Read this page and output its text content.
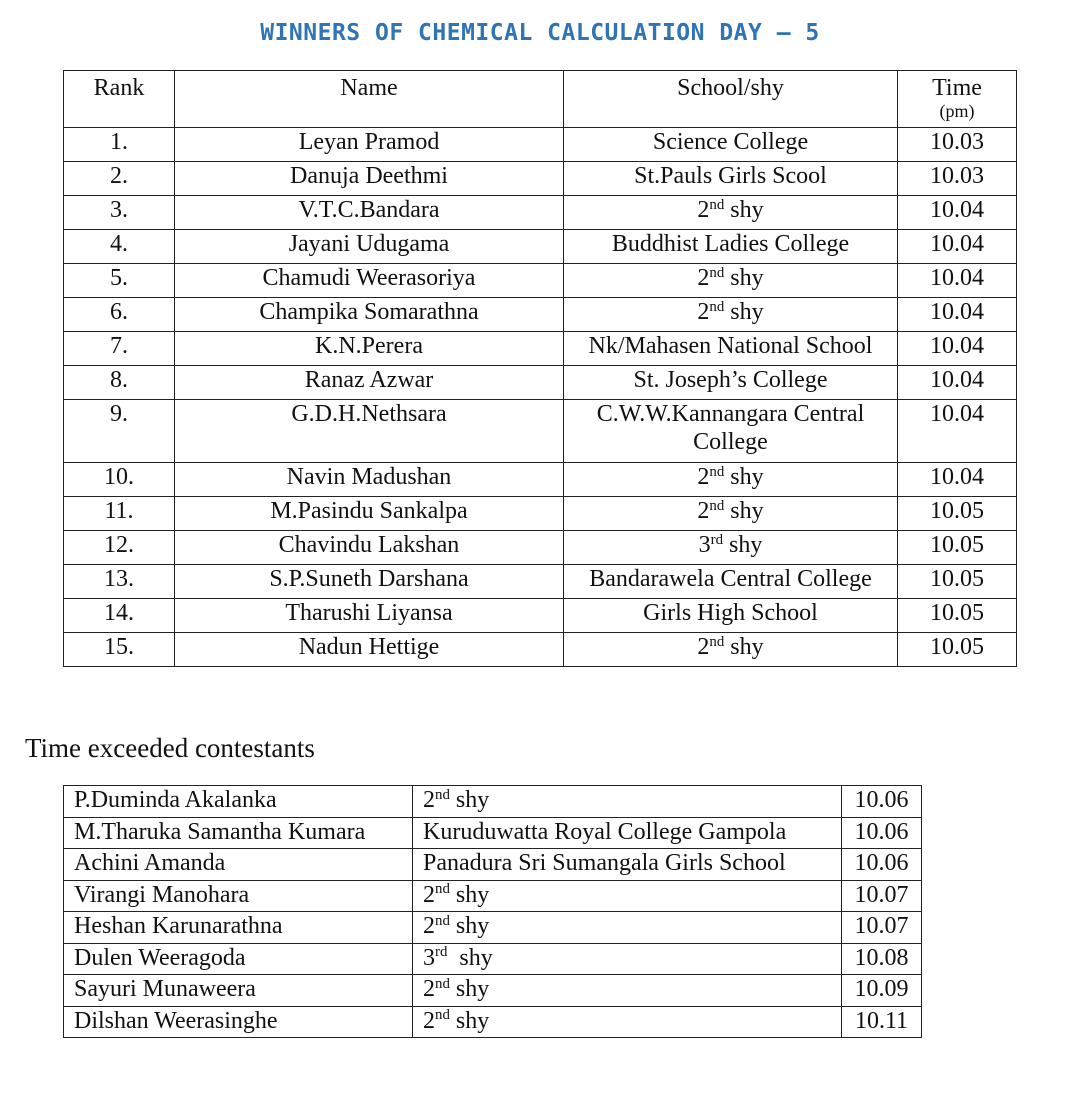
WINNERS OF CHEMICAL CALCULATION DAY – 5
Rank	Name	School/shy	Time
(pm)

1.	Leyan Pramod	Science College	10.03
2.	Danuja Deethmi	St.Pauls Girls Scool	10.03
3.	V.T.C.Bandara	2nd shy	10.04
4.	Jayani Udugama	Buddhist Ladies College	10.04
5.	Chamudi Weerasoriya	2nd shy	10.04
6.	Champika Somarathna	2nd shy	10.04
7.	K.N.Perera	Nk/Mahasen National School	10.04
8.	Ranaz Azwar	St. Joseph’s College	10.04
9.	G.D.H.Nethsara	C.W.W.Kannangara Central College	10.04
10.	Navin Madushan	2nd shy	10.04
11.	M.Pasindu Sankalpa	2nd shy	10.05
12.	Chavindu Lakshan	3rd shy	10.05
13.	S.P.Suneth Darshana	Bandarawela Central College	10.05
14.	Tharushi Liyansa	Girls High School	10.05
15.	Nadun Hettige	2nd shy	10.05
Time exceeded contestants
P.Duminda Akalanka	2nd shy	10.06
M.Tharuka Samantha Kumara	Kuruduwatta Royal College Gampola	10.06
Achini Amanda	Panadura Sri Sumangala Girls School	10.06
Virangi Manohara	2nd shy	10.07
Heshan Karunarathna	2nd shy	10.07
Dulen Weeragoda	3rd  shy	10.08
Sayuri Munaweera	2nd shy	10.09
Dilshan Weerasinghe	2nd shy	10.11
